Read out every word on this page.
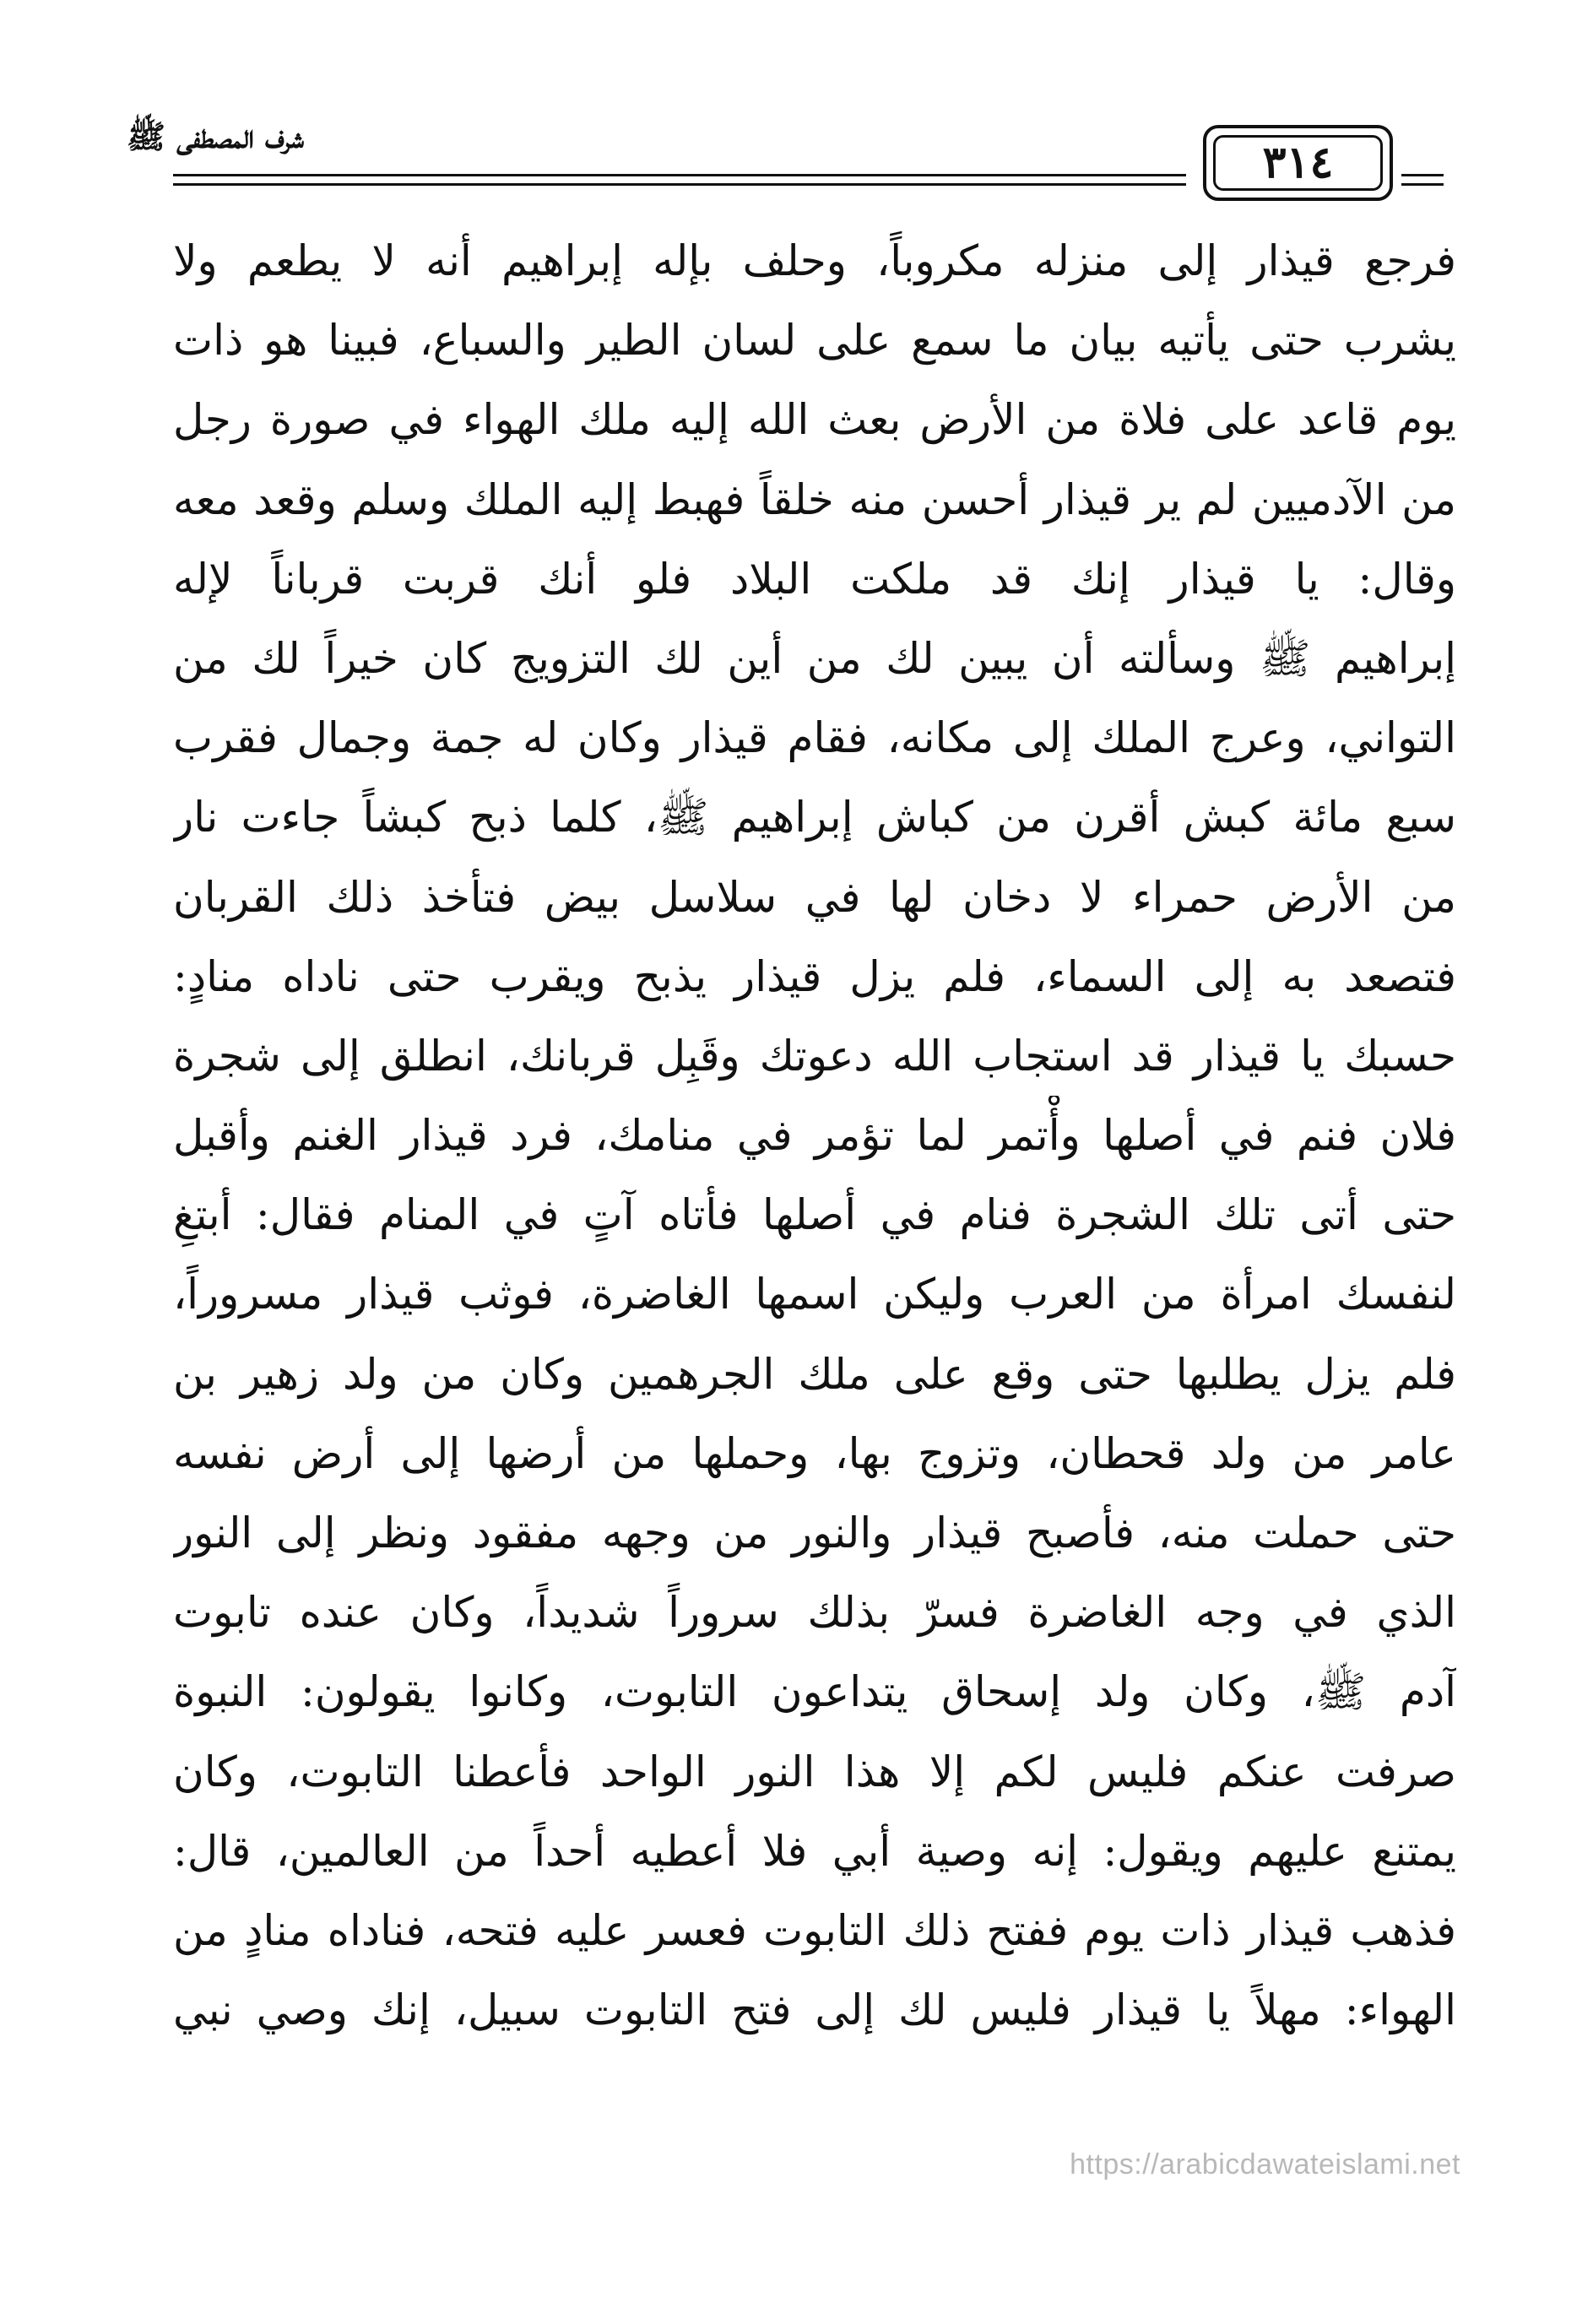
شرف المصطفى ﷺ
٣١٤
فرجع قيذار إلى منزله مكروباً، وحلف بإله إبراهيم أنه لا يطعم ولا
يشرب حتى يأتيه بيان ما سمع على لسان الطير والسباع، فبينا هو ذات
يوم قاعد على فلاة من الأرض بعث الله إليه ملك الهواء في صورة رجل
من الآدميين لم ير قيذار أحسن منه خلقاً فهبط إليه الملك وسلم وقعد معه
وقال: يا قيذار إنك قد ملكت البلاد فلو أنك قربت قرباناً لإله
إبراهيم ﷺ وسألته أن يبين لك من أين لك التزويج كان خيراً لك من
التواني، وعرج الملك إلى مكانه، فقام قيذار وكان له جمة وجمال فقرب
سبع مائة كبش أقرن من كباش إبراهيم ﷺ، كلما ذبح كبشاً جاءت نار
من الأرض حمراء لا دخان لها في سلاسل بيض فتأخذ ذلك القربان
فتصعد به إلى السماء، فلم يزل قيذار يذبح ويقرب حتى ناداه منادٍ:
حسبك يا قيذار قد استجاب الله دعوتك وقَبِل قربانك، انطلق إلى شجرة
فلان فنم في أصلها وأْتمر لما تؤمر في منامك، فرد قيذار الغنم وأقبل
حتى أتى تلك الشجرة فنام في أصلها فأتاه آتٍ في المنام فقال: أبتغِ
لنفسك امرأة من العرب وليكن اسمها الغاضرة، فوثب قيذار مسروراً،
فلم يزل يطلبها حتى وقع على ملك الجرهمين وكان من ولد زهير بن
عامر من ولد قحطان، وتزوج بها، وحملها من أرضها إلى أرض نفسه
حتى حملت منه، فأصبح قيذار والنور من وجهه مفقود ونظر إلى النور
الذي في وجه الغاضرة فسرّ بذلك سروراً شديداً، وكان عنده تابوت
آدم ﷺ، وكان ولد إسحاق يتداعون التابوت، وكانوا يقولون: النبوة
صرفت عنكم فليس لكم إلا هذا النور الواحد فأعطنا التابوت، وكان
يمتنع عليهم ويقول: إنه وصية أبي فلا أعطيه أحداً من العالمين، قال:
فذهب قيذار ذات يوم ففتح ذلك التابوت فعسر عليه فتحه، فناداه منادٍ من
الهواء: مهلاً يا قيذار فليس لك إلى فتح التابوت سبيل، إنك وصي نبي
https://arabicdawateislami.net
